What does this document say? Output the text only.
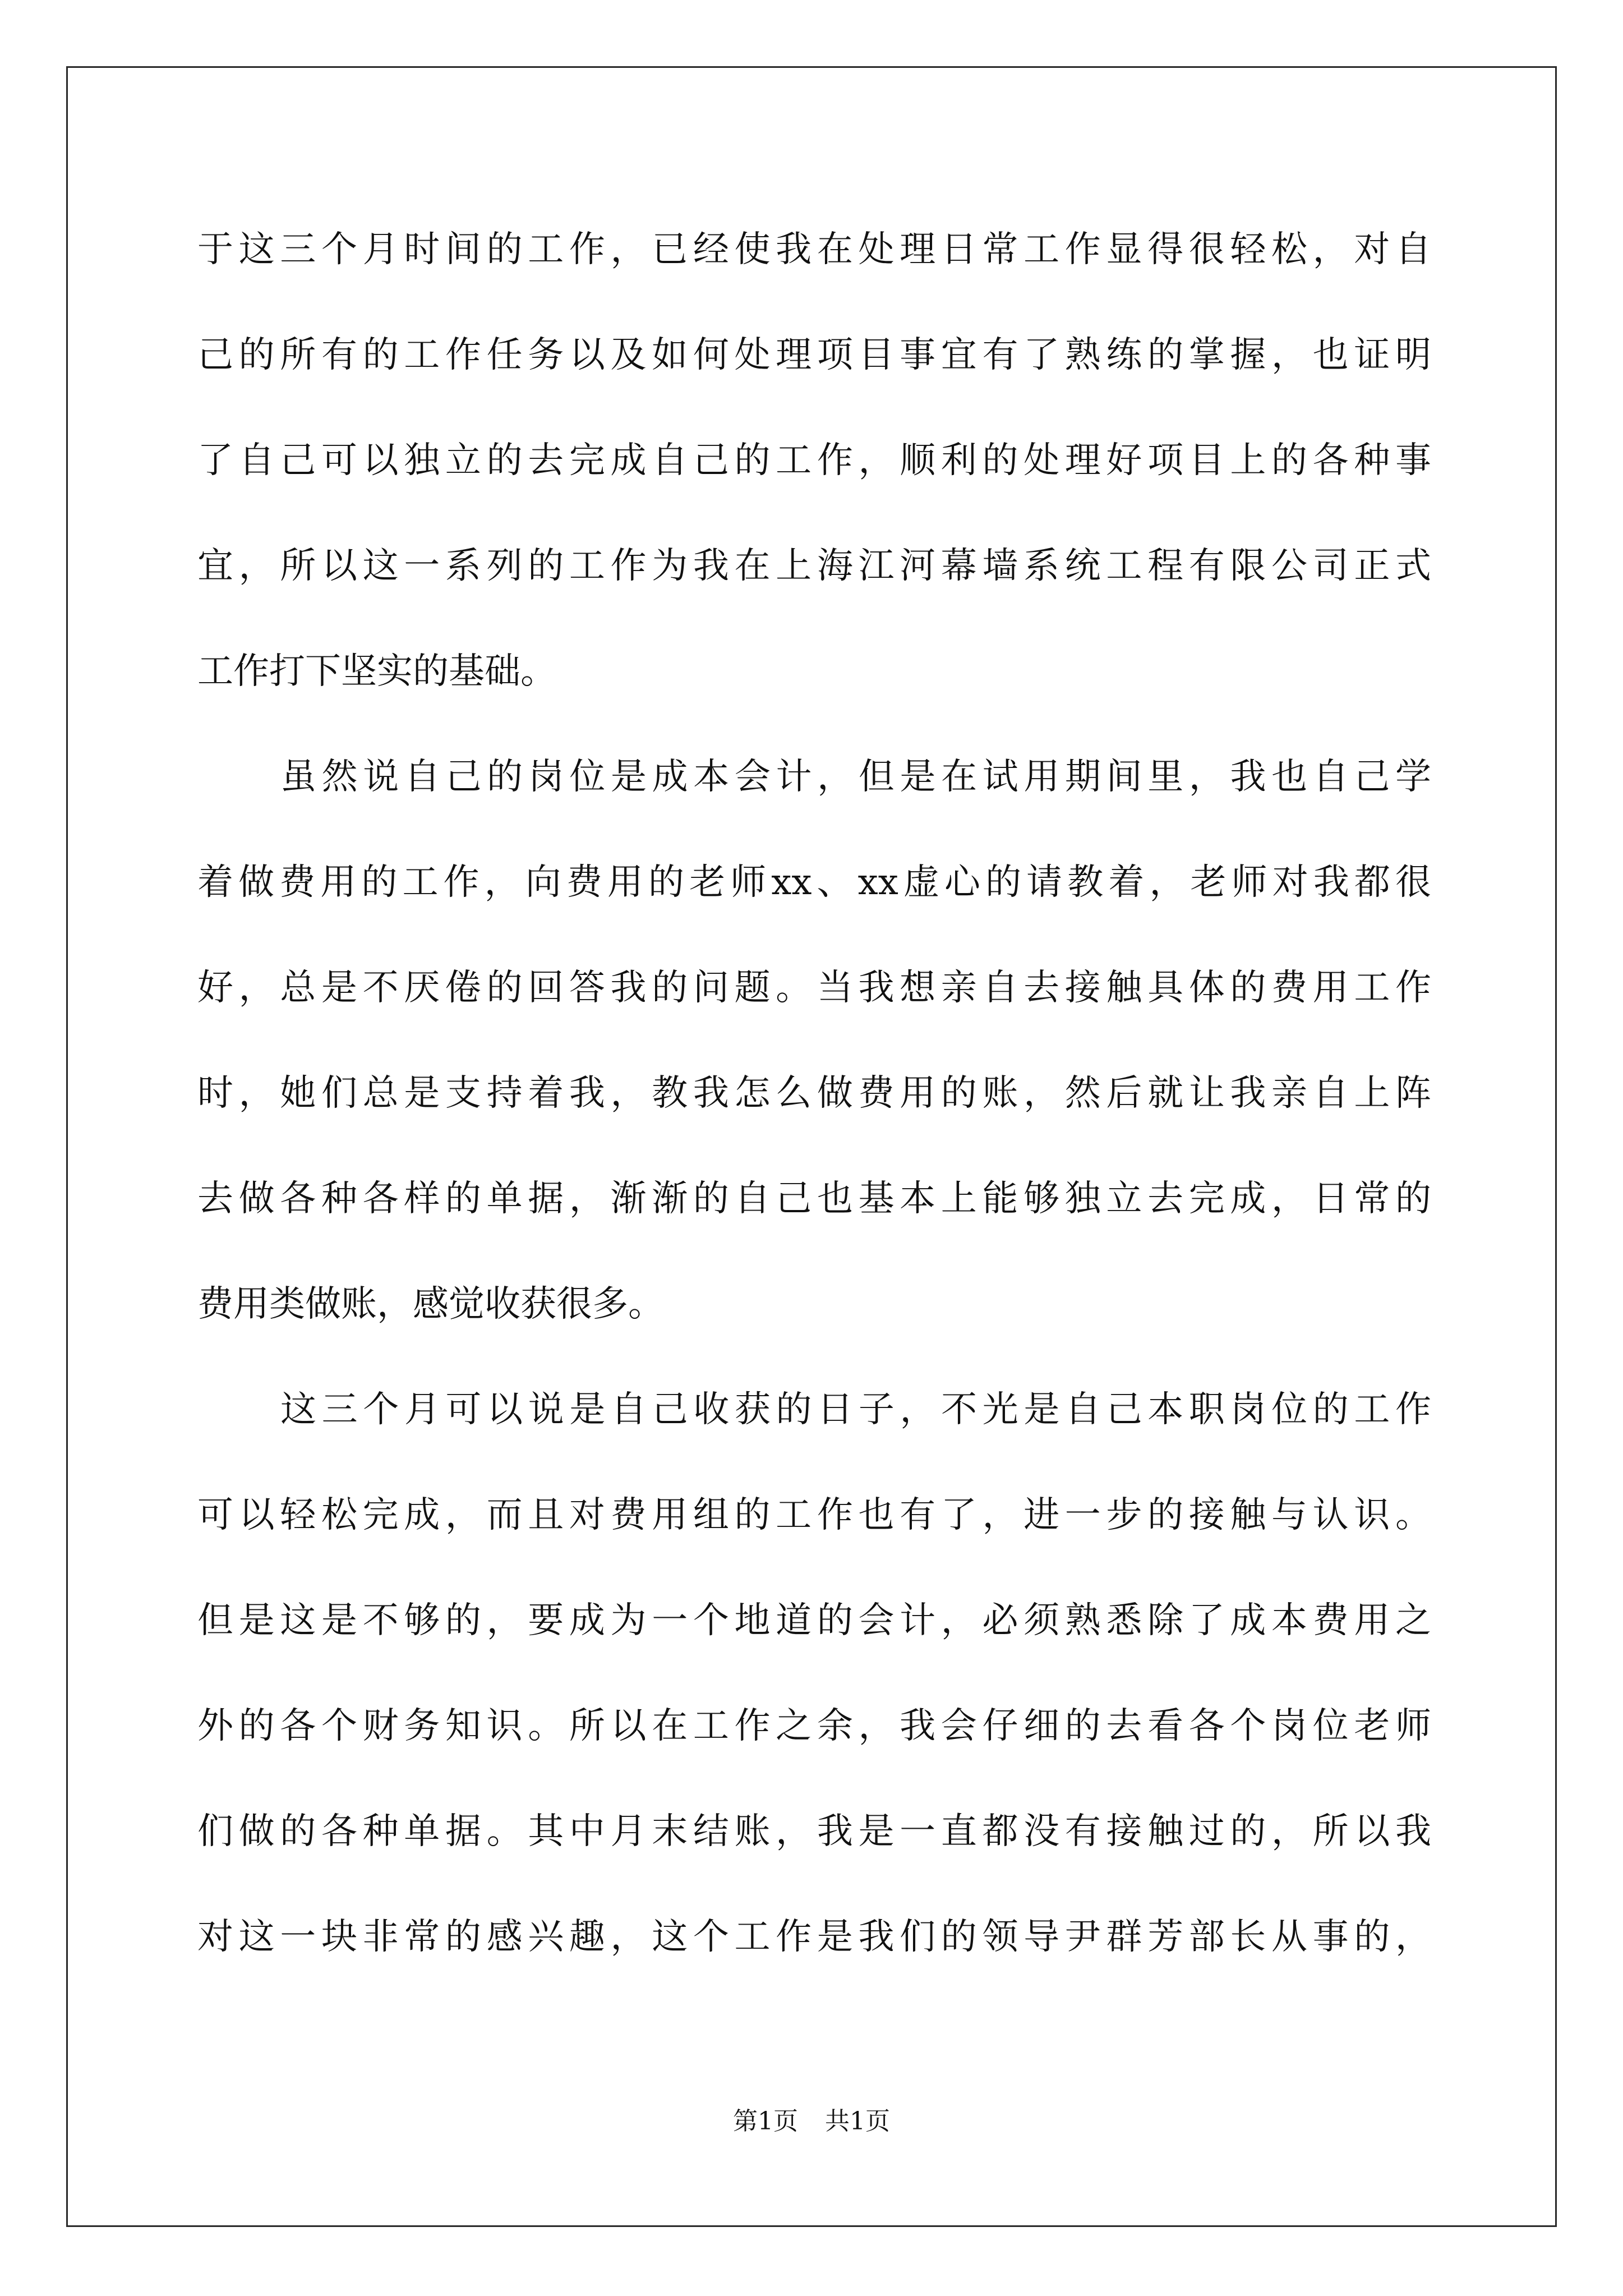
于这三个月时间的工作，已经使我在处理日常工作显得很轻松，对自
己的所有的工作任务以及如何处理项目事宜有了熟练的掌握，也证明
了自己可以独立的去完成自己的工作，顺利的处理好项目上的各种事
宜，所以这一系列的工作为我在上海江河幕墙系统工程有限公司正式
工作打下坚实的基础。
虽然说自己的岗位是成本会计，但是在试用期间里，我也自己学
着做费用的工作，向费用的老师xx、xx虚心的请教着，老师对我都很
好，总是不厌倦的回答我的问题。当我想亲自去接触具体的费用工作
时，她们总是支持着我，教我怎么做费用的账，然后就让我亲自上阵
去做各种各样的单据，渐渐的自己也基本上能够独立去完成，日常的
费用类做账，感觉收获很多。
这三个月可以说是自己收获的日子，不光是自己本职岗位的工作
可以轻松完成，而且对费用组的工作也有了，进一步的接触与认识。
但是这是不够的，要成为一个地道的会计，必须熟悉除了成本费用之
外的各个财务知识。所以在工作之余，我会仔细的去看各个岗位老师
们做的各种单据。其中月末结账，我是一直都没有接触过的，所以我
对这一块非常的感兴趣，这个工作是我们的领导尹群芳部长从事的，
第1页 共1页
